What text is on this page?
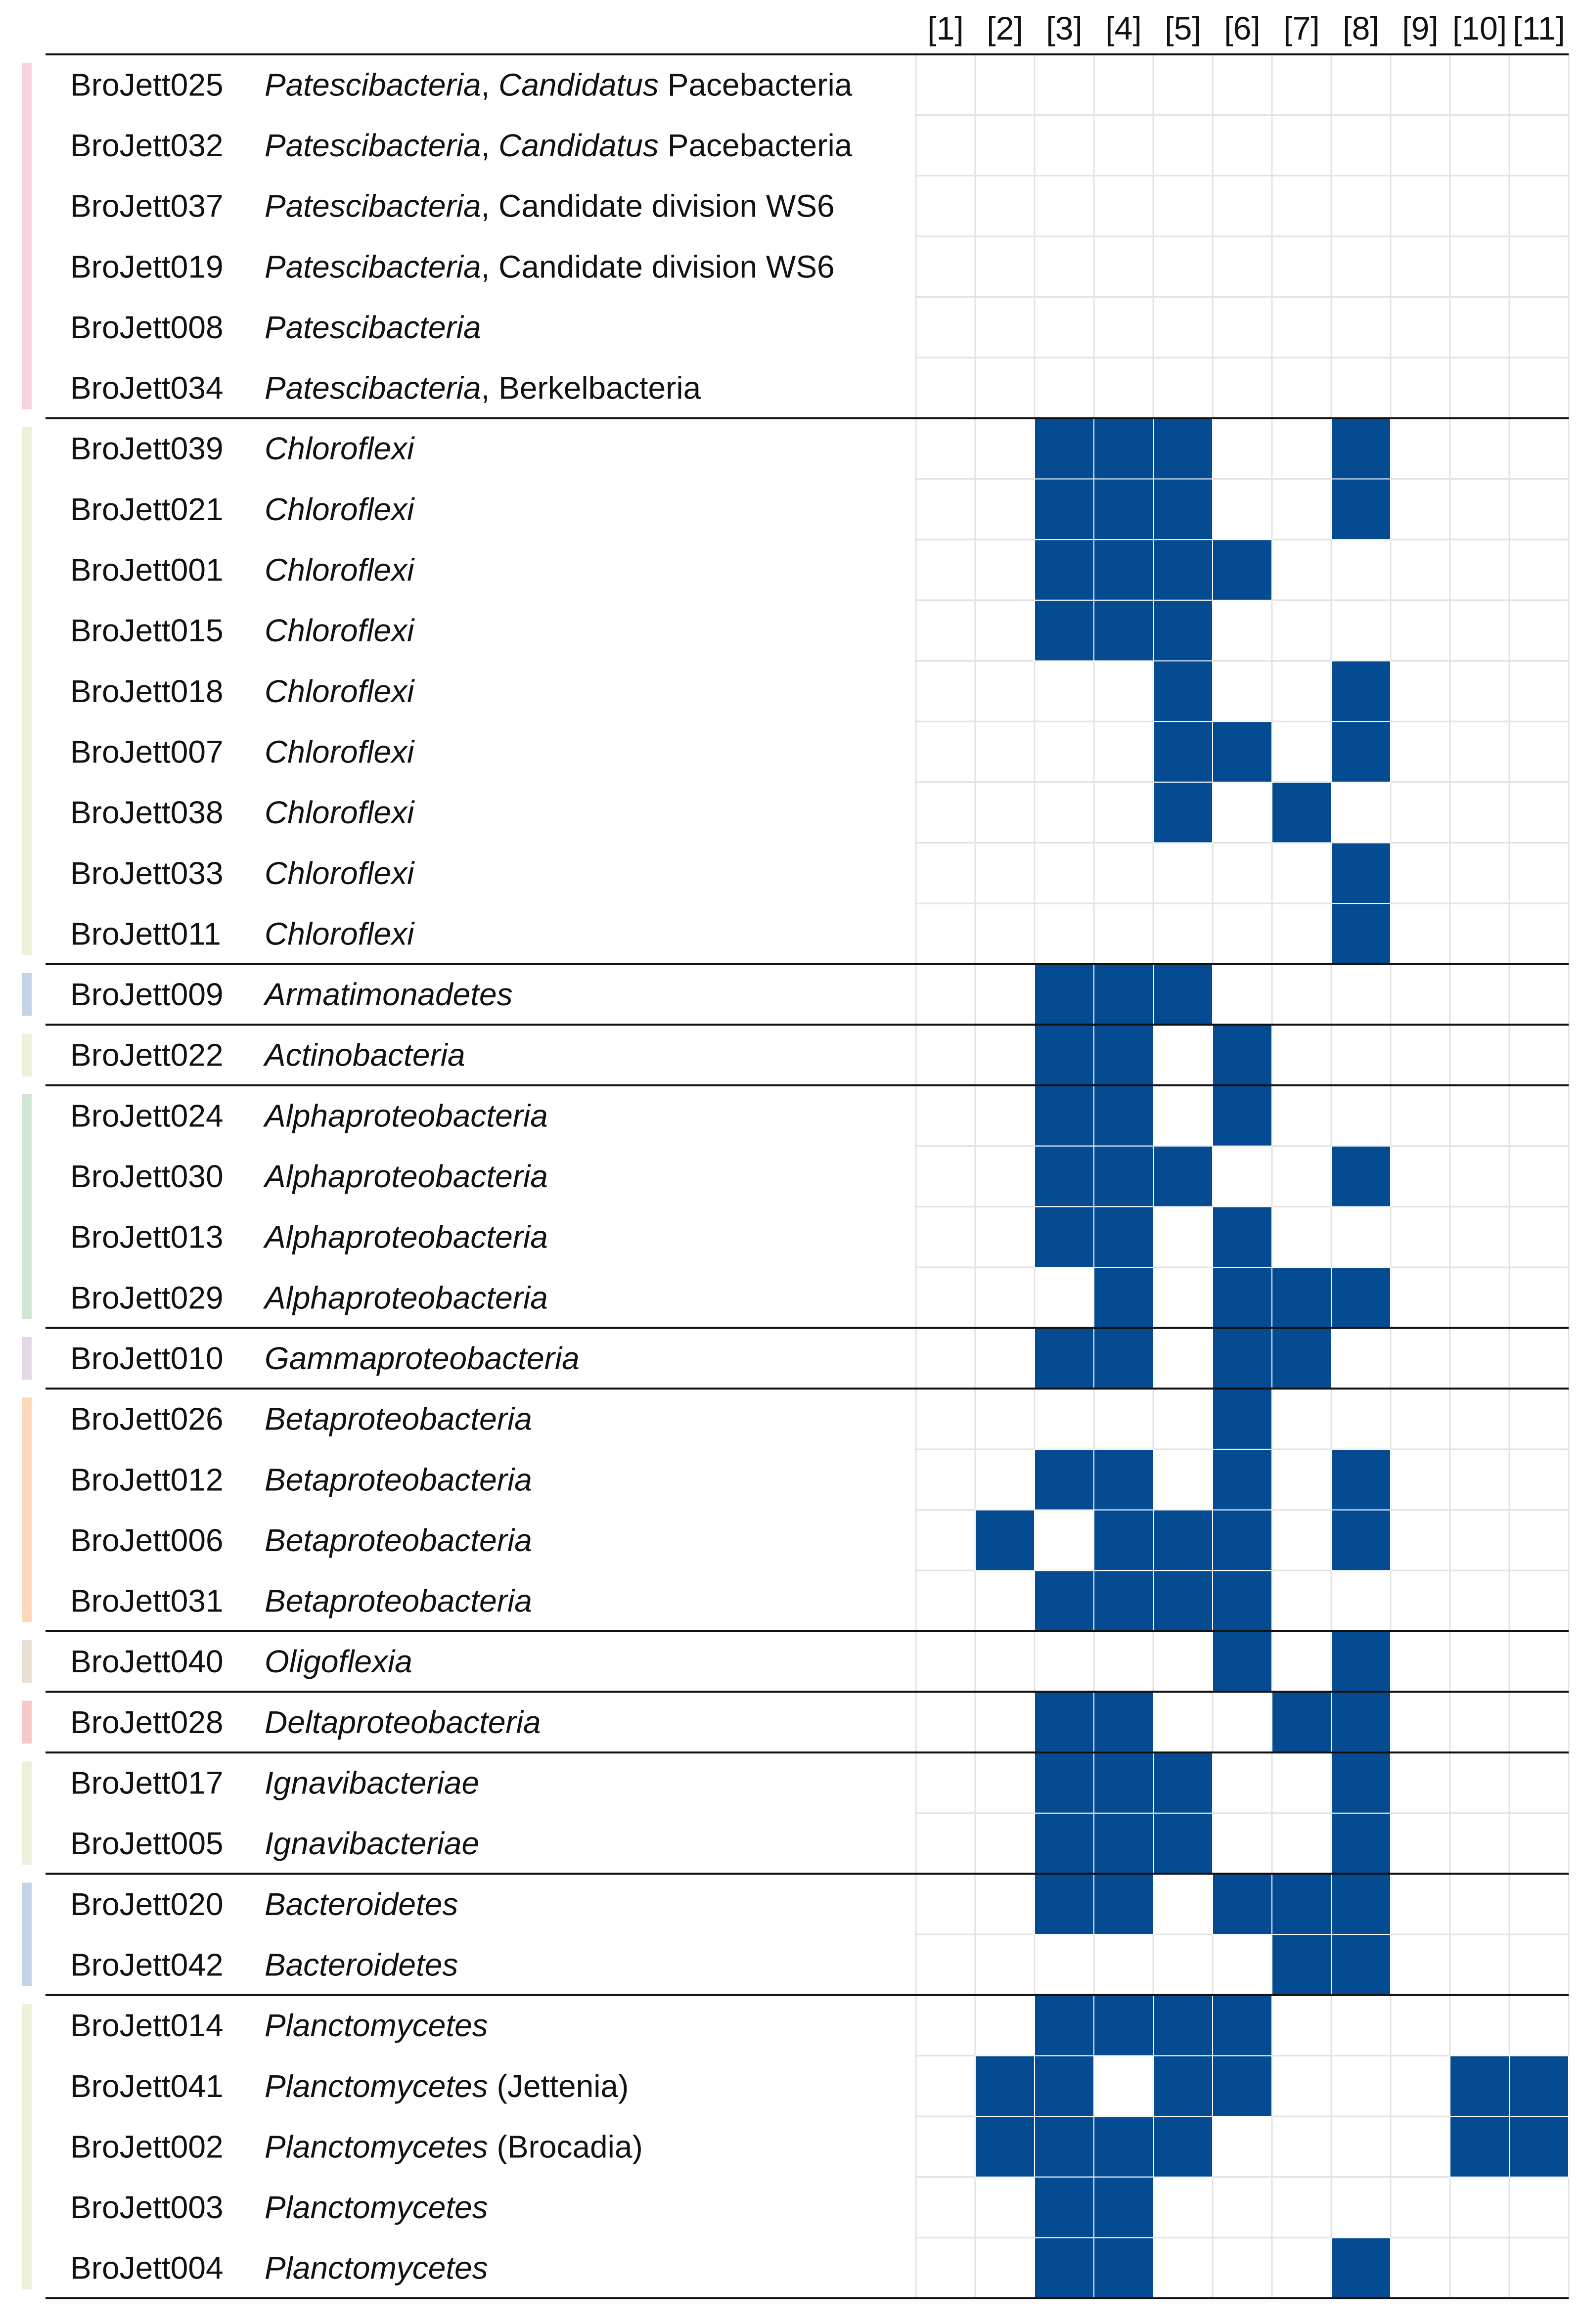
[1] [2] [3] [4] [5] [6] [7] [8] [9] [10] [11]
BroJett025 Patescibacteria, Candidatus Pacebacteria
BroJett032 Patescibacteria, Candidatus Pacebacteria
BroJett037 Patescibacteria, Candidate division WS6
BroJett019 Patescibacteria, Candidate division WS6
BroJett008 Patescibacteria
BroJett034 Patescibacteria, Berkelbacteria
BroJett039 Chloroflexi
BroJett021 Chloroflexi
BroJett001 Chloroflexi
BroJett015 Chloroflexi
BroJett018 Chloroflexi
BroJett007 Chloroflexi
BroJett038 Chloroflexi
BroJett033 Chloroflexi
BroJett011 Chloroflexi
BroJett009 Armatimonadetes
BroJett022 Actinobacteria
BroJett024 Alphaproteobacteria
BroJett030 Alphaproteobacteria
BroJett013 Alphaproteobacteria
BroJett029 Alphaproteobacteria
BroJett010 Gammaproteobacteria
BroJett026 Betaproteobacteria
BroJett012 Betaproteobacteria
BroJett006 Betaproteobacteria
BroJett031 Betaproteobacteria
BroJett040 Oligoflexia
BroJett028 Deltaproteobacteria
BroJett017 Ignavibacteriae
BroJett005 Ignavibacteriae
BroJett020 Bacteroidetes
BroJett042 Bacteroidetes
BroJett014 Planctomycetes
BroJett041 Planctomycetes (Jettenia)
BroJett002 Planctomycetes (Brocadia)
BroJett003 Planctomycetes
BroJett004 Planctomycetes
